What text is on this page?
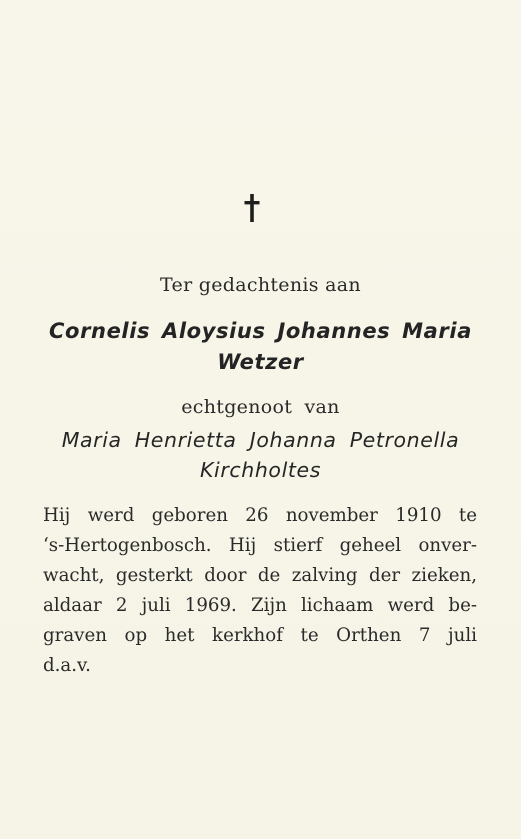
Ter gedachtenis aan
Cornelis Aloysius Johannes Maria
Wetzer
echtgenoot van
Maria Henrietta Johanna Petronella
Kirchholtes
Hij werd geboren 26 november 1910 te
‘s-Hertogenbosch. Hij stierf geheel onver-
wacht, gesterkt door de zalving der zieken,
aldaar 2 juli 1969. Zijn lichaam werd be-
graven op het kerkhof te Orthen 7 juli
d.a.v.
